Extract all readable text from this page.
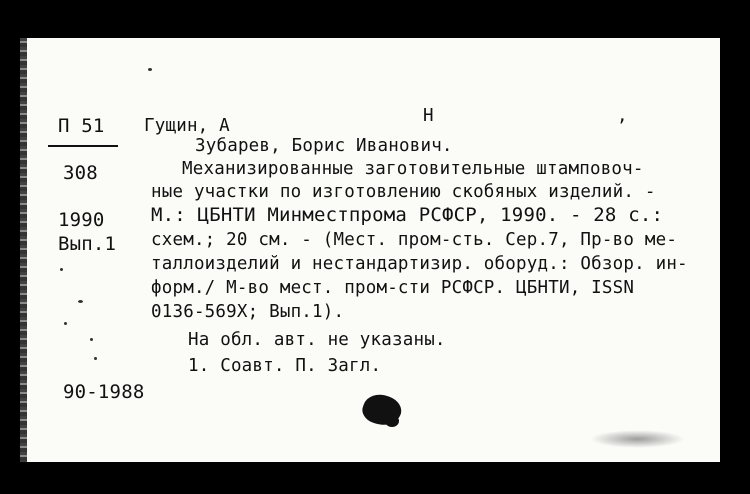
П 51
308
1990
Вып.1
90-1988
Гущин, А	Н	,
Зубарев, Борис Иванович.
Механизированные заготовительные штамповоч-
ные участки по изготовлению скобяных изделий. -
М.: ЦБНТИ Минместпрома РСФСР, 1990. - 28 с.:
схем.; 20 см. - (Мест. пром-сть. Сер.7, Пр-во ме-
таллоизделий и нестандартизир. оборуд.: Обзор. ин-
форм./ М-во мест. пром-сти РСФСР. ЦБНТИ, ISSN
0136-569X; Вып.1).
На обл. авт. не указаны.
1. Соавт. П. Загл.
